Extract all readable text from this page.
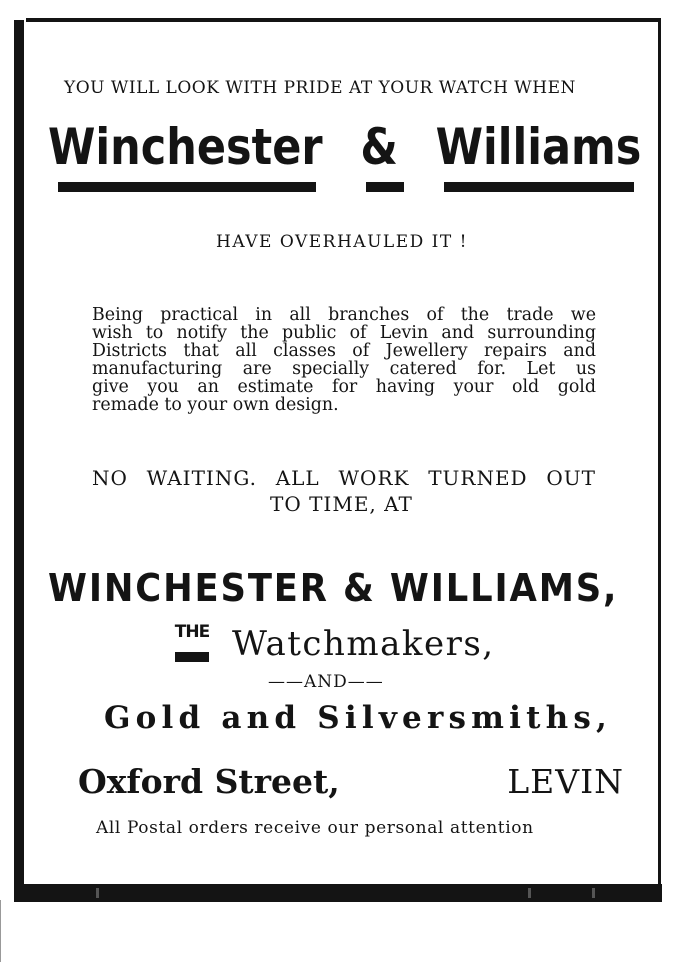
YOU WILL LOOK WITH PRIDE AT YOUR WATCH WHEN
Winchester & Williams
HAVE OVERHAULED IT !
Being practical in all branches of the trade we
wish to notify the public of Levin and surrounding
Districts that all classes of Jewellery repairs and
manufacturing are specially catered for. Let us
give you an estimate for having your old gold
remade to your own design.
NO WAITING. ALL WORK TURNED OUT
TO TIME, AT
WINCHESTER & WILLIAMS,
THE Watchmakers,
——AND——
Gold and Silversmiths,
Oxford Street,	LEVIN
All Postal orders receive our personal attention
